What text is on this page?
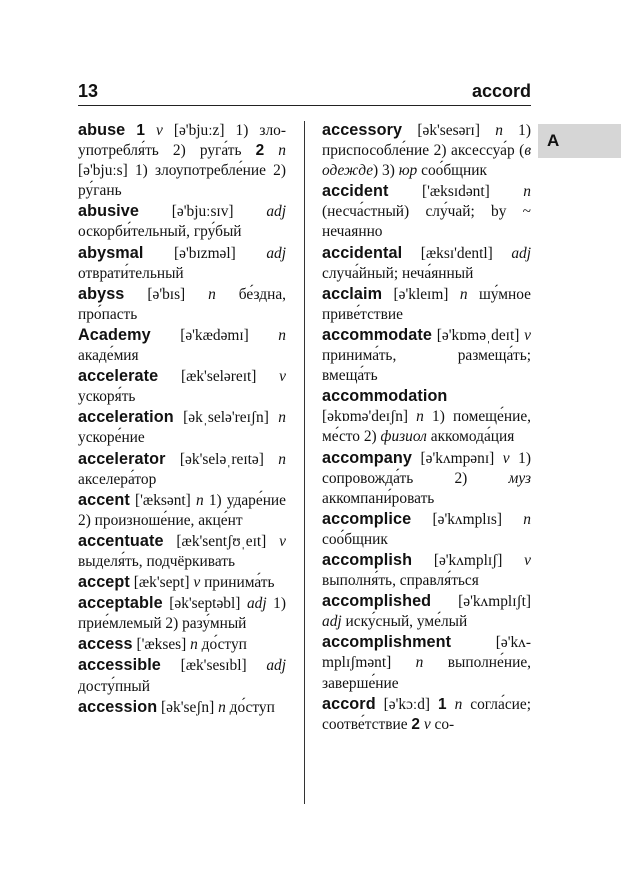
13	accord
A
abuse 1 v [ə'bjuːz] 1) злоупотребля́ть 2) руга́ть 2 n [ə'bjuːs] 1) злоупотребле́ние 2) ру́гань
abusive [ə'bjuːsɪv] adj оскорби́тельный, гру́бый
abysmal [ə'bɪzməl] adj отврати́тельный
abyss [ə'bɪs] n бе́здна, про́пасть
Academy [ə'kædəmɪ] n акаде́мия
accelerate [æk'seləreɪt] v ускоря́ть
acceleration [əkˌselə'reɪʃn] n ускоре́ние
accelerator [ək'seləˌreɪtə] n акселера́тор
accent ['æksənt] n 1) ударе́ние 2) произноше́ние, акце́нт
accentuate [æk'sentʃʊˌeɪt] v выделя́ть, подчёркивать
accept [æk'sept] v принима́ть
acceptable [ək'septəbl] adj 1) прие́млемый 2) разу́мный
access ['ækses] n до́ступ
accessible [æk'sesɪbl] adj досту́пный
accession [ək'seʃn] n до́ступ
accessory [ək'sesərɪ] n 1) приспособле́ние 2) аксессуа́р (в одежде) 3) юр соо́бщник
accident ['æksɪdənt] n (несча́стный) слу́чай; by ~ нечаянно
accidental [æksɪ'dentl] adj случа́йный; неча́янный
acclaim [ə'kleɪm] n шу́мное приве́тствие
accommodate [ə'kɒməˌdeɪt] v принима́ть, размеща́ть; вмеща́ть
accommodation [əkɒmə'deɪʃn] n 1) помеще́ние, ме́сто 2) физиол аккомода́ция
accompany [ə'kʌmpənɪ] v 1) сопровожда́ть 2) муз аккомпани́ровать
accomplice [ə'kʌmplɪs] n соо́бщник
accomplish [ə'kʌmplɪʃ] v выполня́ть, справля́ться
accomplished [ə'kʌmplɪʃt] adj иску́сный, уме́лый
accomplishment [ə'kʌmplɪʃmənt] n выполне́ние, заверше́ние
accord [ə'kɔːd] 1 n согла́сие; соотве́тствие 2 v со-
